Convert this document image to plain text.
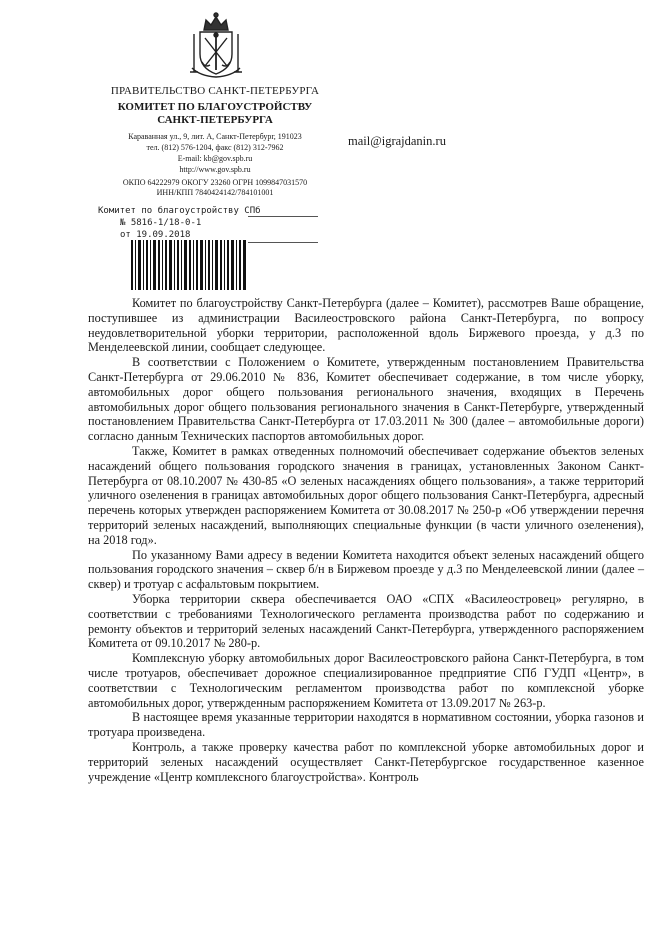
ПРАВИТЕЛЬСТВО САНКТ-ПЕТЕРБУРГА
КОМИТЕТ ПО БЛАГОУСТРОЙСТВУ
САНКТ-ПЕТЕРБУРГА
Караванная ул., 9, лит. А, Санкт-Петербург, 191023
тел. (812) 576-1204, факс (812) 312-7962
E-mail: kb@gov.spb.ru
http://www.gov.spb.ru
ОКПО 64222979 ОКОГУ 23260 ОГРН 1099847031570
ИНН/КПП 7840424142/784101001
mail@igrajdanin.ru
Комитет по благоустройству СПб
№ 5816-1/18-0-1
от 19.09.2018

Комитет по благоустройству Санкт-Петербурга (далее – Комитет), рассмотрев Ваше обращение, поступившее из администрации Василеостровского района Санкт-Петербурга, по вопросу неудовлетворительной уборки территории, расположенной вдоль Биржевого проезда, у д.3 по Менделеевской линии, сообщает следующее.

В соответствии с Положением о Комитете, утвержденным постановлением Правительства Санкт-Петербурга от 29.06.2010 № 836, Комитет обеспечивает содержание, в том числе уборку, автомобильных дорог общего пользования регионального значения, входящих в Перечень автомобильных дорог общего пользования регионального значения в Санкт-Петербурге, утвержденный постановлением Правительства Санкт-Петербурга от 17.03.2011 № 300 (далее – автомобильные дороги) согласно данным Технических паспортов автомобильных дорог.

Также, Комитет в рамках отведенных полномочий обеспечивает содержание объектов зеленых насаждений общего пользования городского значения в границах, установленных Законом Санкт-Петербурга от 08.10.2007 № 430-85 «О зеленых насаждениях общего пользования», а также территорий уличного озеленения в границах автомобильных дорог общего пользования Санкт-Петербурга, адресный перечень которых утвержден распоряжением Комитета от 30.08.2017 № 250-р «Об утверждении перечня территорий зеленых насаждений, выполняющих специальные функции (в части уличного озеленения), на 2018 год».

По указанному Вами адресу в ведении Комитета находится объект зеленых насаждений общего пользования городского значения – сквер б/н в Биржевом проезде у д.3 по Менделеевской линии (далее – сквер) и тротуар с асфальтовым покрытием.

Уборка территории сквера обеспечивается ОАО «СПХ «Василеостровец» регулярно, в соответствии с требованиями Технологического регламента производства работ по содержанию и ремонту объектов и территорий зеленых насаждений Санкт-Петербурга, утвержденного распоряжением Комитета от 09.10.2017 № 280-р.

Комплексную уборку автомобильных дорог Василеостровского района Санкт-Петербурга, в том числе тротуаров, обеспечивает дорожное специализированное предприятие СПб ГУДП «Центр», в соответствии с Технологическим регламентом производства работ по комплексной уборке автомобильных дорог, утвержденным распоряжением Комитета от 13.09.2017 № 263-р.

В настоящее время указанные территории находятся в нормативном состоянии, уборка газонов и тротуара произведена.

Контроль, а также проверку качества работ по комплексной уборке автомобильных дорог и территорий зеленых насаждений осуществляет Санкт-Петербургское государственное казенное учреждение «Центр комплексного благоустройства». Контроль
